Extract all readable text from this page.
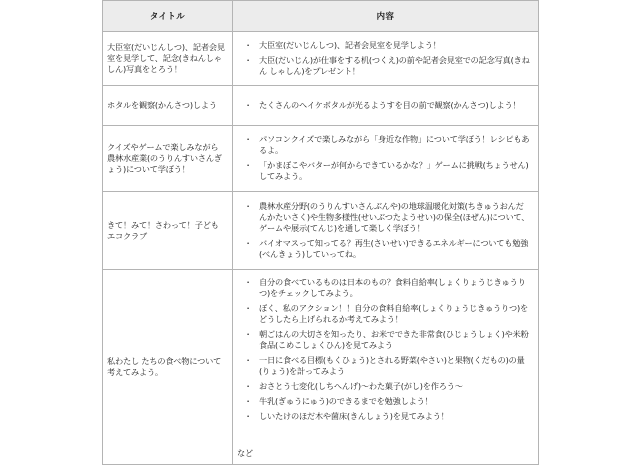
タイトル	内容
大臣室(だいじんしつ)、記者会見室を見学して、記念(きねんしゃしん)写真をとろう！	
・ 大臣室(だいじんしつ)、記者会見室を見学しよう！
・ 大臣(だいじん)が仕事をする机(つくえ)の前や記者会見室での記念写真(きねん しゃしん)をプレゼント！

ホタルを観察(かんさつ)しよう	・ たくさんのヘイケボタルが光るようすを目の前で観察(かんさつ)しよう！

クイズやゲームで楽しみながら農林水産業(のうりんすいさんぎょう)について学ぼう！	
・ パソコンクイズで楽しみながら「身近な作物」について学ぼう！レシピもあるよ。
・ 「かまぼこやバターが何からできているかな？」ゲームに挑戦(ちょうせん)してみよう。

きて！みて！さわって！子どもエコクラブ	
・ 農林水産分野(のうりんすいさんぶんや)の地球温暖化対策(ちきゅうおんだんかたいさく)や生物多様性(せいぶつたようせい)の保全(ほぜん)について、ゲームや展示(てんじ)を通して楽しく学ぼう！
・ バイオマスって知ってる？再生(さいせい)できるエネルギーについても勉強(べんきょう)していってね。

私わたし たちの食べ物について考えてみよう。	
・ 自分の食べているものは日本のもの？食料自給率(しょくりょうじきゅうりつ)をチェックしてみよう。
・ ぼく、私のアクション！！自分の食料自給率(しょくりょうじきゅうりつ)をどうしたら上げられるか考えてみよう！
・ 朝ごはんの大切さを知ったり、お米でできた非常食(ひじょうしょく)や米粉食品(こめこしょくひん)を見てみよう
・ 一日に食べる目標(もくひょう)とされる野菜(やさい)と果物(くだもの)の量(りょう)を計ってみよう
・ おさとう七変化(しちへんげ)〜わた菓子(がし)を作ろう〜
・ 牛乳(ぎゅうにゅう)のできるまでを勉強しよう！
・ しいたけのほだ木や菌床(きんしょう)を見てみよう！
など
